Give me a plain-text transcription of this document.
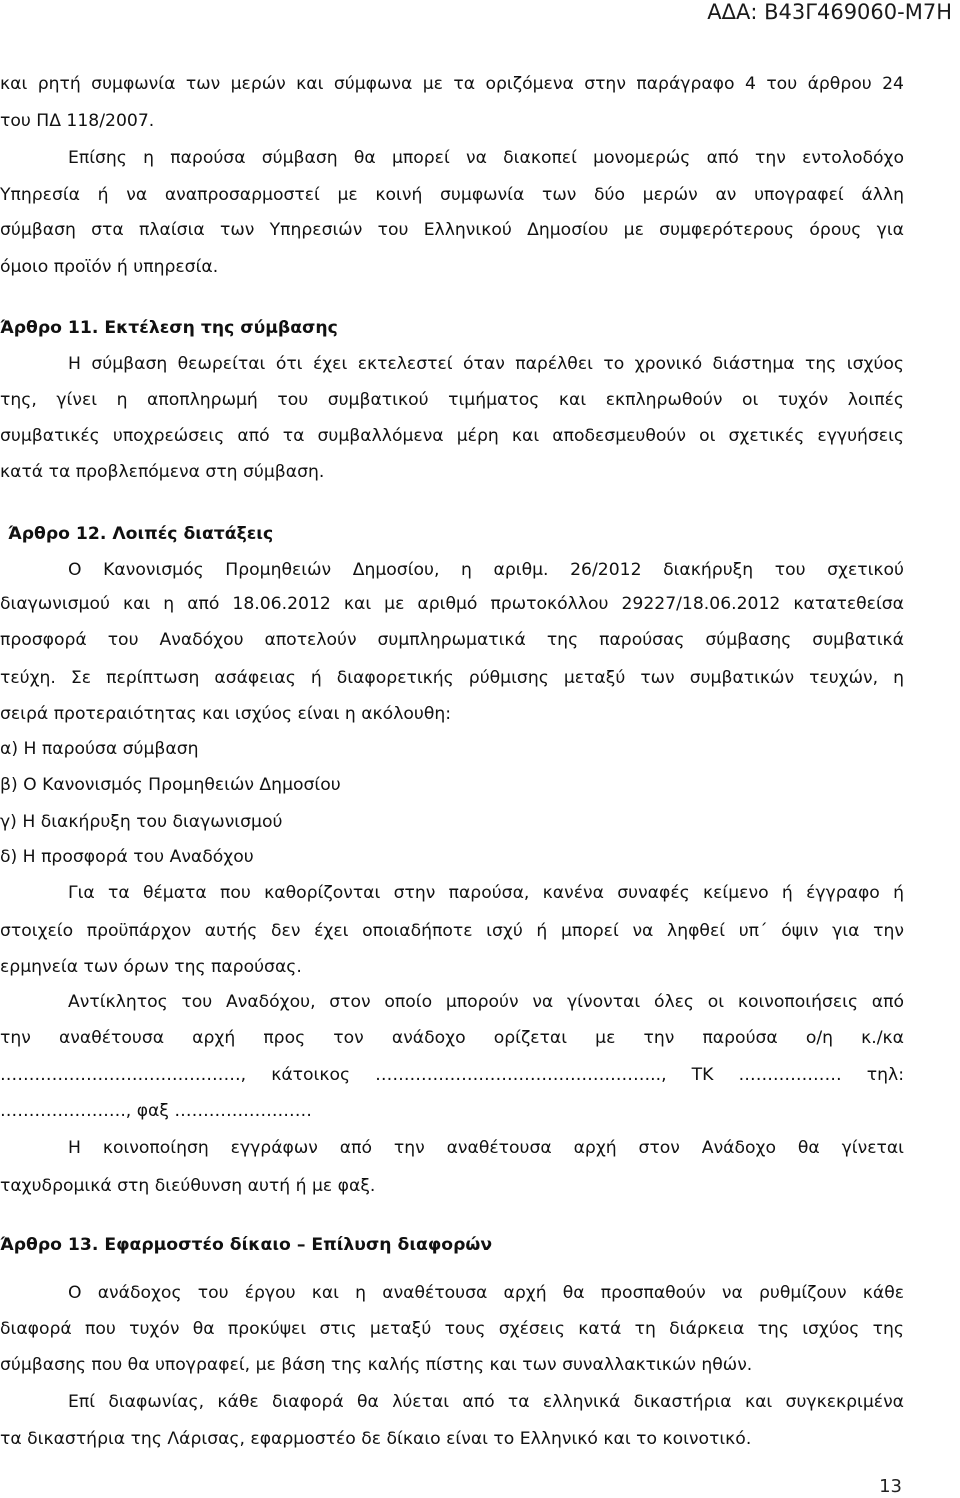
ΑΔΑ: Β43Γ469060-Μ7Η
και ρητή συμφωνία των μερών και σύμφωνα με τα οριζόμενα στην παράγραφο 4 του άρθρου 24
του ΠΔ 118/2007.
Επίσης η παρούσα σύμβαση θα μπορεί να διακοπεί μονομερώς από την εντολοδόχο
Υπηρεσία ή να αναπροσαρμοστεί με κοινή συμφωνία των δύο μερών αν υπογραφεί άλλη
σύμβαση στα πλαίσια των Υπηρεσιών του Ελληνικού Δημοσίου με συμφερότερους όρους για
όμοιο προϊόν ή υπηρεσία.
Άρθρο 11. Εκτέλεση της σύμβασης
Η σύμβαση θεωρείται ότι έχει εκτελεστεί όταν παρέλθει το χρονικό διάστημα της ισχύος
της, γίνει η αποπληρωμή του συμβατικού τιμήματος και εκπληρωθούν οι τυχόν λοιπές
συμβατικές υποχρεώσεις από τα συμβαλλόμενα μέρη και αποδεσμευθούν οι σχετικές εγγυήσεις
κατά τα προβλεπόμενα στη σύμβαση.
Άρθρο 12. Λοιπές διατάξεις
Ο Κανονισμός Προμηθειών Δημοσίου, η αριθμ. 26/2012 διακήρυξη του σχετικού
διαγωνισμού και η από 18.06.2012 και με αριθμό πρωτοκόλλου 29227/18.06.2012 κατατεθείσα
προσφορά του Αναδόχου αποτελούν συμπληρωματικά της παρούσας σύμβασης συμβατικά
τεύχη. Σε περίπτωση ασάφειας ή διαφορετικής ρύθμισης μεταξύ των συμβατικών τευχών, η
σειρά προτεραιότητας και ισχύος είναι η ακόλουθη:
α) Η παρούσα σύμβαση
β) Ο Κανονισμός Προμηθειών Δημοσίου
γ) Η διακήρυξη του διαγωνισμού
δ) Η προσφορά του Αναδόχου
Για τα θέματα που καθορίζονται στην παρούσα, κανένα συναφές κείμενο ή έγγραφο ή
στοιχείο προϋπάρχον αυτής δεν έχει οποιαδήποτε ισχύ ή μπορεί να ληφθεί υπ΄ όψιν για την
ερμηνεία των όρων της παρούσας.
Αντίκλητος του Αναδόχου, στον οποίο μπορούν να γίνονται όλες οι κοινοποιήσεις από
την αναθέτουσα αρχή προς τον ανάδοχο ορίζεται με την παρούσα ο/η κ./κα
……………………………………, κάτοικος ………………………………………….., ΤΚ ……………… τηλ:
…………………., φαξ ……………………
Η κοινοποίηση εγγράφων από την αναθέτουσα αρχή στον Ανάδοχο θα γίνεται
ταχυδρομικά στη διεύθυνση αυτή ή με φαξ.
Άρθρο 13. Εφαρμοστέο δίκαιο – Επίλυση διαφορών
Ο ανάδοχος του έργου και η αναθέτουσα αρχή θα προσπαθούν να ρυθμίζουν κάθε
διαφορά που τυχόν θα προκύψει στις μεταξύ τους σχέσεις κατά τη διάρκεια της ισχύος της
σύμβασης που θα υπογραφεί, με βάση της καλής πίστης και των συναλλακτικών ηθών.
Επί διαφωνίας, κάθε διαφορά θα λύεται από τα ελληνικά δικαστήρια και συγκεκριμένα
τα δικαστήρια της Λάρισας, εφαρμοστέο δε δίκαιο είναι το Ελληνικό και το κοινοτικό.
13
